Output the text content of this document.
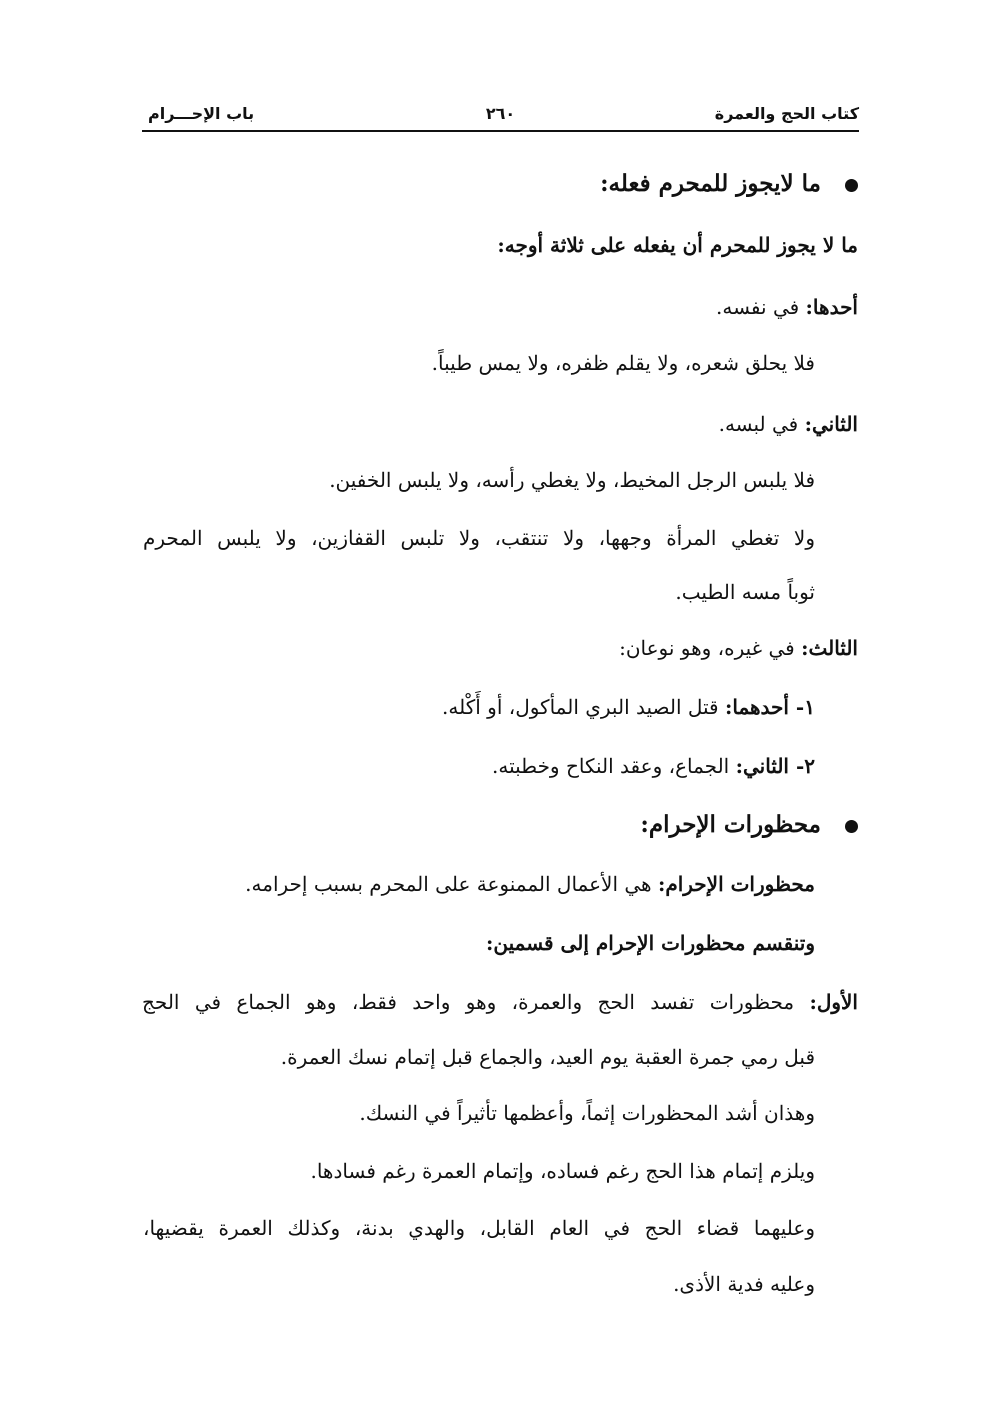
كتاب الحج والعمرة
٢٦٠
باب الإحـــرام
ما لايجوز للمحرم فعله:
ما لا يجوز للمحرم أن يفعله على ثلاثة أوجه:
أحدها: في نفسه.
فلا يحلق شعره، ولا يقلم ظفره، ولا يمس طيباً.
الثاني: في لبسه.
فلا يلبس الرجل المخيط، ولا يغطي رأسه، ولا يلبس الخفين.
ولا تغطي المرأة وجهها، ولا تنتقب، ولا تلبس القفازين، ولا يلبس المحرم
ثوباً مسه الطيب.
الثالث: في غيره، وهو نوعان:
١- أحدهما: قتل الصيد البري المأكول، أو أَكْله.
٢- الثاني: الجماع، وعقد النكاح وخطبته.
محظورات الإحرام:
محظورات الإحرام: هي الأعمال الممنوعة على المحرم بسبب إحرامه.
وتنقسم محظورات الإحرام إلى قسمين:
الأول: محظورات تفسد الحج والعمرة، وهو واحد فقط، وهو الجماع في الحج
قبل رمي جمرة العقبة يوم العيد، والجماع قبل إتمام نسك العمرة.
وهذان أشد المحظورات إثماً، وأعظمها تأثيراً في النسك.
ويلزم إتمام هذا الحج رغم فساده، وإتمام العمرة رغم فسادها.
وعليهما قضاء الحج في العام القابل، والهدي بدنة، وكذلك العمرة يقضيها،
وعليه فدية الأذى.
